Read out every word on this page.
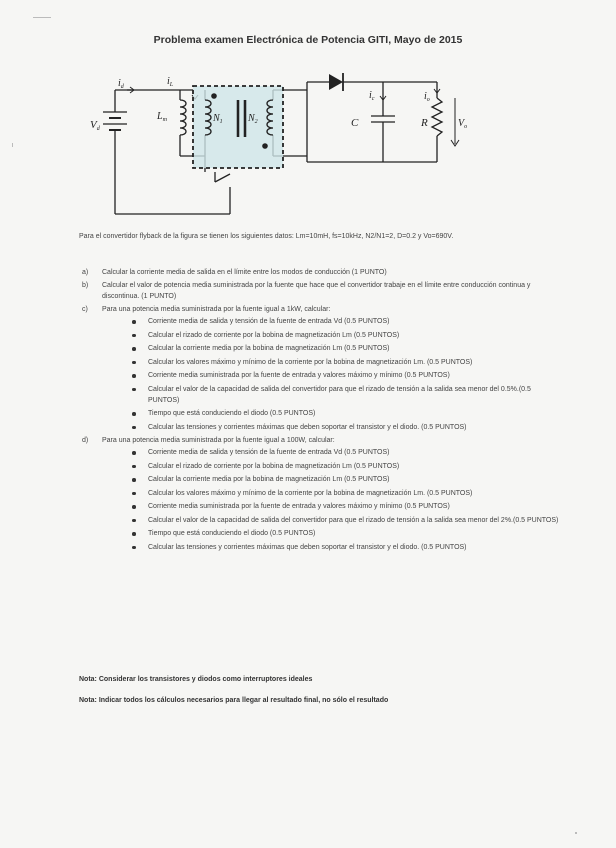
Problema examen Electrónica de Potencia GITI, Mayo de 2015
$i_d$	$i_L$
Vd
$L_m$	$N_1$	$N_2$
$i_c$	$i_o$
C	R	$V_o$
Para el convertidor flyback de la figura se tienen los siguientes datos: Lm=10mH, fs=10kHz, N2/N1=2, D=0.2 y Vo=690V.
a) Calcular la corriente media de salida en el límite entre los modos de conducción (1 PUNTO)
b) Calcular el valor de potencia media suministrada por la fuente que hace que el convertidor trabaje en el límite entre conducción continua y discontinua. (1 PUNTO)
c) Para una potencia media suministrada por la fuente igual a 1kW, calcular:
Corriente media de salida y tensión de la fuente de entrada Vd (0.5 PUNTOS)
Calcular el rizado de corriente por la bobina de magnetización Lm (0.5 PUNTOS)
Calcular la corriente media por la bobina de magnetización Lm (0.5 PUNTOS)
Calcular los valores máximo y mínimo de la corriente por la bobina de magnetización Lm. (0.5 PUNTOS)
Corriente media suministrada por la fuente de entrada y valores máximo y mínimo (0.5 PUNTOS)
Calcular el valor de la capacidad de salida del convertidor para que el rizado de tensión a la salida sea menor del 0.5%.(0.5 PUNTOS)
Tiempo que está conduciendo el diodo (0.5 PUNTOS)
Calcular las tensiones y corrientes máximas que deben soportar el transistor y el diodo. (0.5 PUNTOS)
d) Para una potencia media suministrada por la fuente igual a 100W, calcular:
Corriente media de salida y tensión de la fuente de entrada Vd (0.5 PUNTOS)
Calcular el rizado de corriente por la bobina de magnetización Lm (0.5 PUNTOS)
Calcular la corriente media por la bobina de magnetización Lm (0.5 PUNTOS)
Calcular los valores máximo y mínimo de la corriente por la bobina de magnetización Lm. (0.5 PUNTOS)
Corriente media suministrada por la fuente de entrada y valores máximo y mínimo (0.5 PUNTOS)
Calcular el valor de la capacidad de salida del convertidor para que el rizado de tensión a la salida sea menor del 2%.(0.5 PUNTOS)
Tiempo que está conduciendo el diodo (0.5 PUNTOS)
Calcular las tensiones y corrientes máximas que deben soportar el transistor y el diodo. (0.5 PUNTOS)
Nota: Considerar los transistores y diodos como interruptores ideales
Nota: Indicar todos los cálculos necesarios para llegar al resultado final, no sólo el resultado
